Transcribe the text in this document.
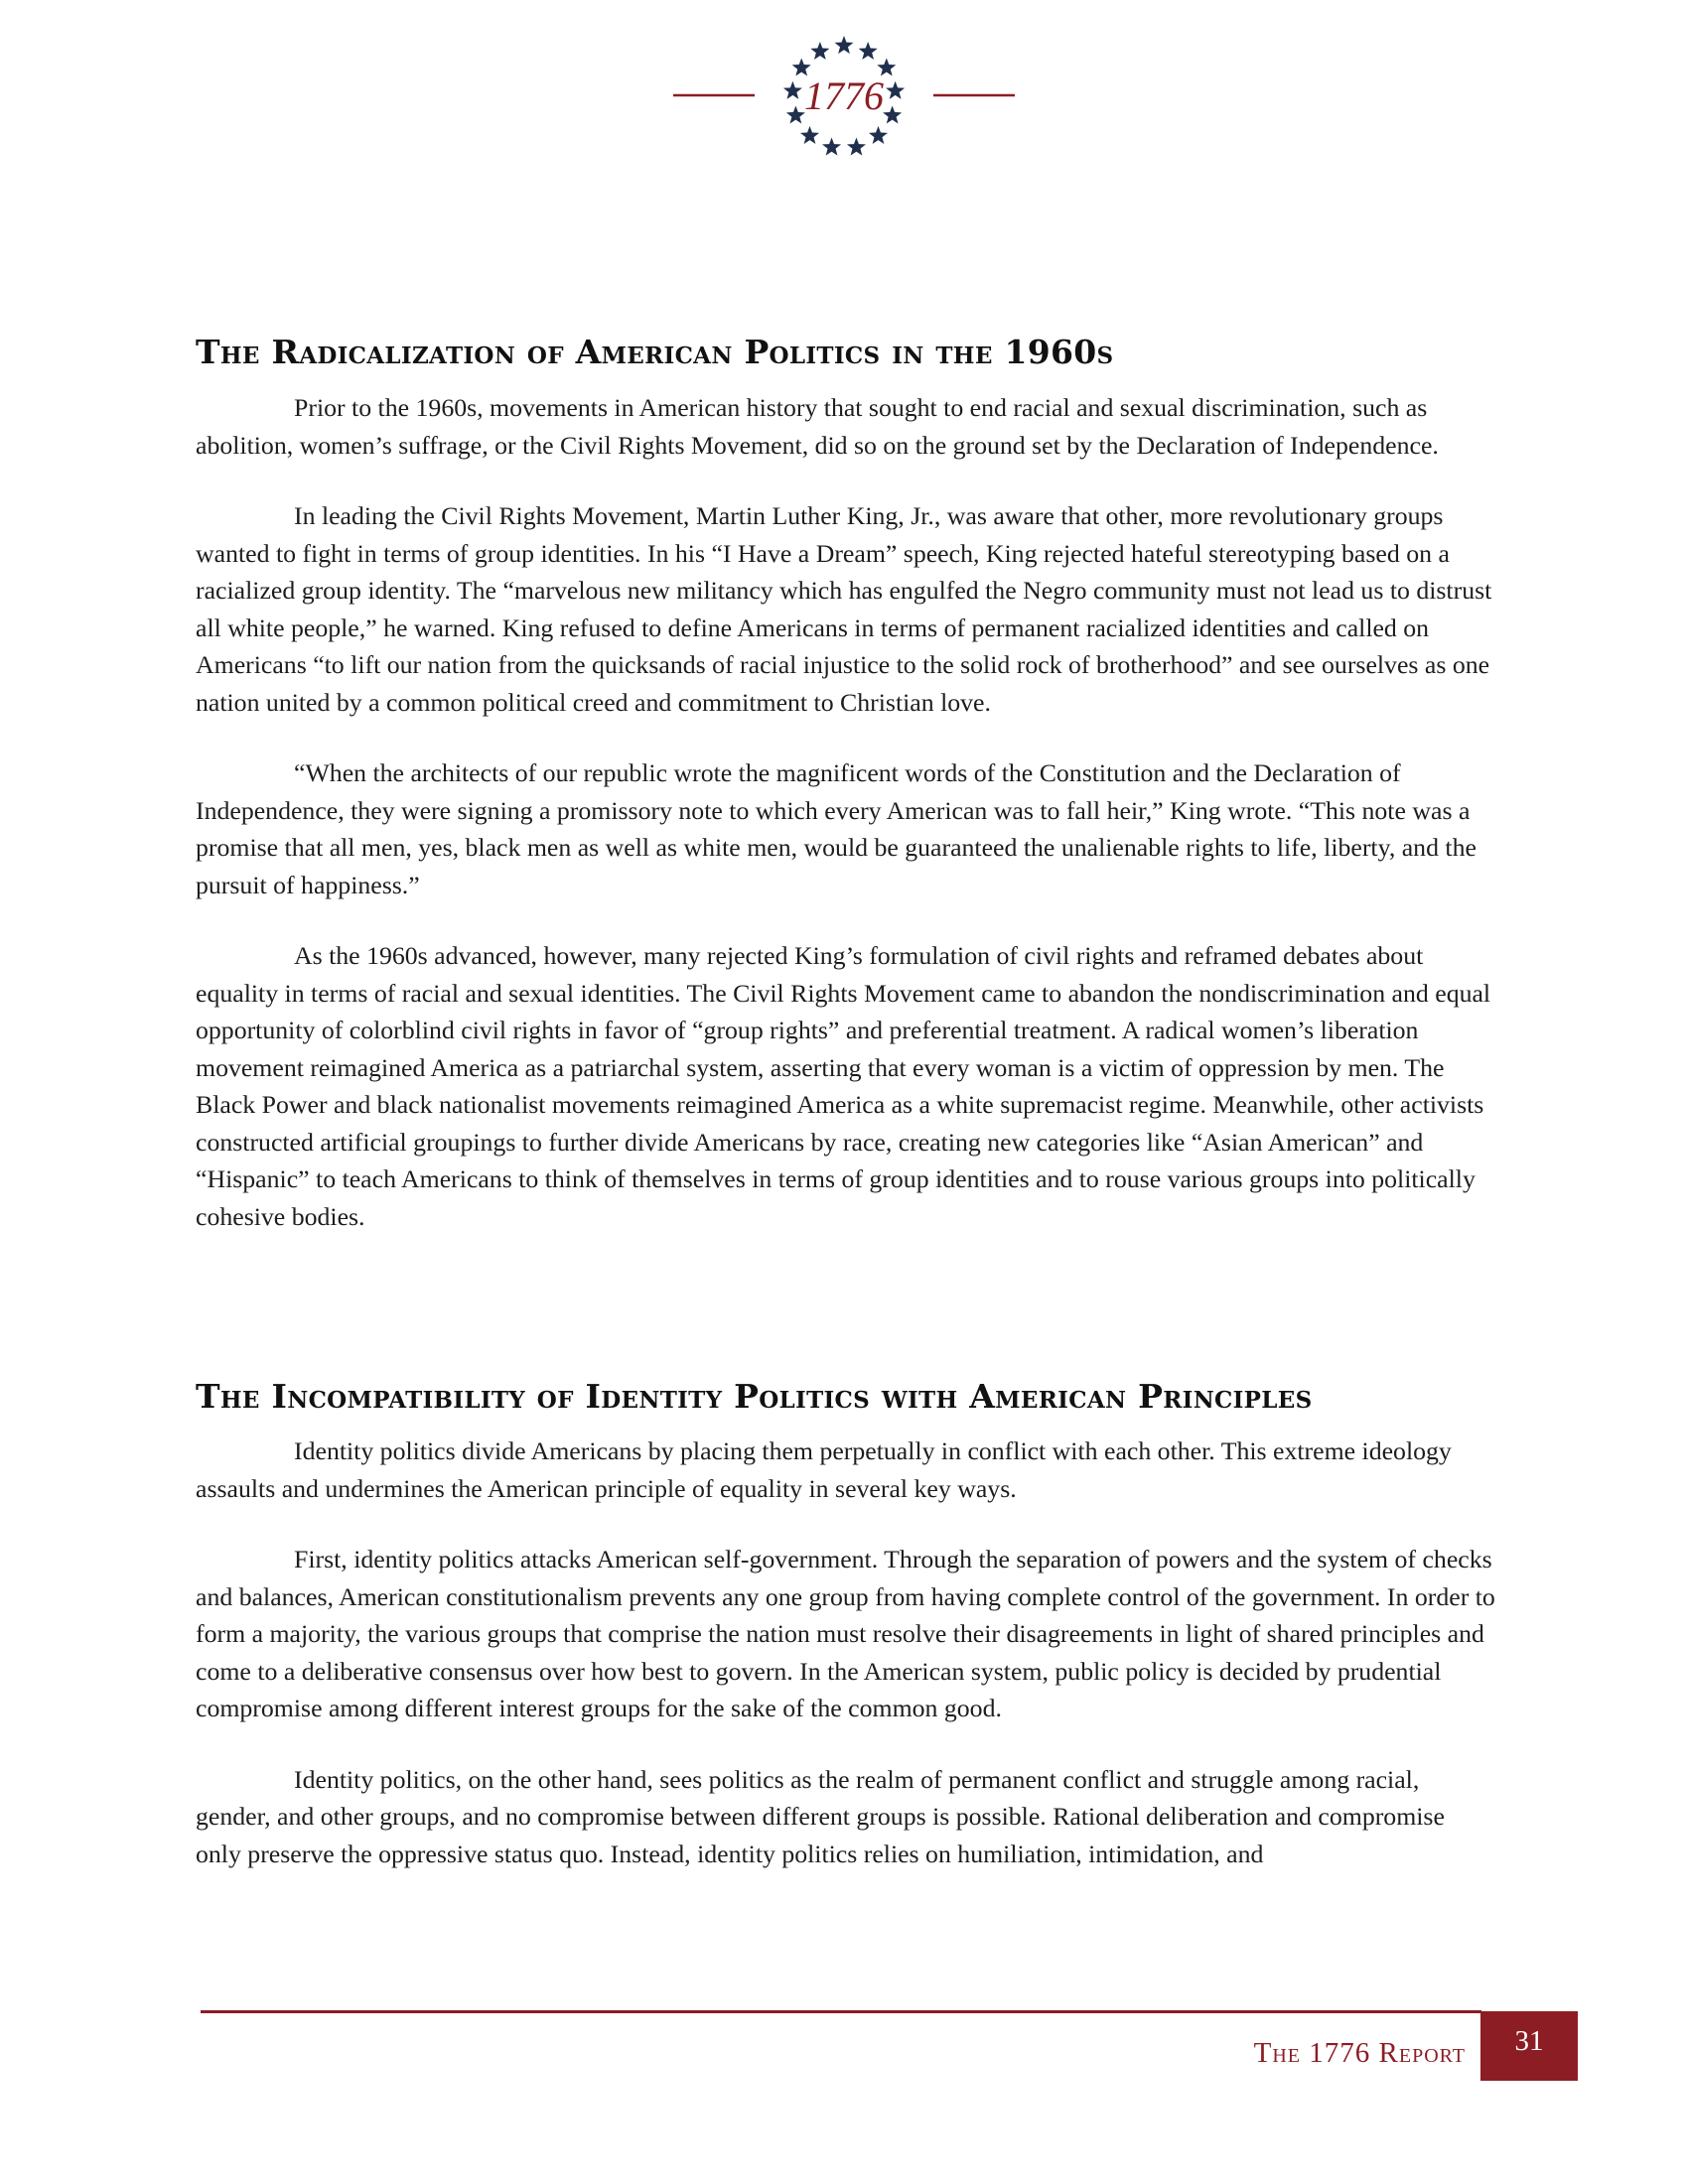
1776
The Radicalization of American Politics in the 1960s

Prior to the 1960s, movements in American history that sought to end racial and sexual discrimination, such as abolition, women’s suffrage, or the Civil Rights Movement, did so on the ground set by the Declaration of Independence.

In leading the Civil Rights Movement, Martin Luther King, Jr., was aware that other, more revolutionary groups wanted to fight in terms of group identities. In his “I Have a Dream” speech, King rejected hateful stereotyping based on a racialized group identity. The “marvelous new militancy which has engulfed the Negro community must not lead us to distrust all white people,” he warned. King refused to define Americans in terms of permanent racialized identities and called on Americans “to lift our nation from the quicksands of racial injustice to the solid rock of brotherhood” and see ourselves as one nation united by a common political creed and commitment to Christian love.

“When the architects of our republic wrote the magnificent words of the Constitution and the Declaration of Independence, they were signing a promissory note to which every American was to fall heir,” King wrote. “This note was a promise that all men, yes, black men as well as white men, would be guaranteed the unalienable rights to life, liberty, and the pursuit of happiness.”

As the 1960s advanced, however, many rejected King’s formulation of civil rights and reframed debates about equality in terms of racial and sexual identities. The Civil Rights Movement came to abandon the nondiscrimination and equal opportunity of colorblind civil rights in favor of “group rights” and preferential treatment. A radical women’s liberation movement reimagined America as a patriarchal system, asserting that every woman is a victim of oppression by men. The Black Power and black nationalist movements reimagined America as a white supremacist regime. Meanwhile, other activists constructed artificial groupings to further divide Americans by race, creating new categories like “Asian American” and “Hispanic” to teach Americans to think of themselves in terms of group identities and to rouse various groups into politically cohesive bodies.

The Incompatibility of Identity Politics with American Principles

Identity politics divide Americans by placing them perpetually in conflict with each other. This extreme ideology assaults and undermines the American principle of equality in several key ways.

First, identity politics attacks American self-government. Through the separation of powers and the system of checks and balances, American constitutionalism prevents any one group from having complete control of the government. In order to form a majority, the various groups that comprise the nation must resolve their disagreements in light of shared principles and come to a deliberative consensus over how best to govern. In the American system, public policy is decided by prudential compromise among different interest groups for the sake of the common good.

Identity politics, on the other hand, sees politics as the realm of permanent conflict and struggle among racial, gender, and other groups, and no compromise between different groups is possible. Rational deliberation and compromise only preserve the oppressive status quo. Instead, identity politics relies on humiliation, intimidation, and

The 1776 Report	31
